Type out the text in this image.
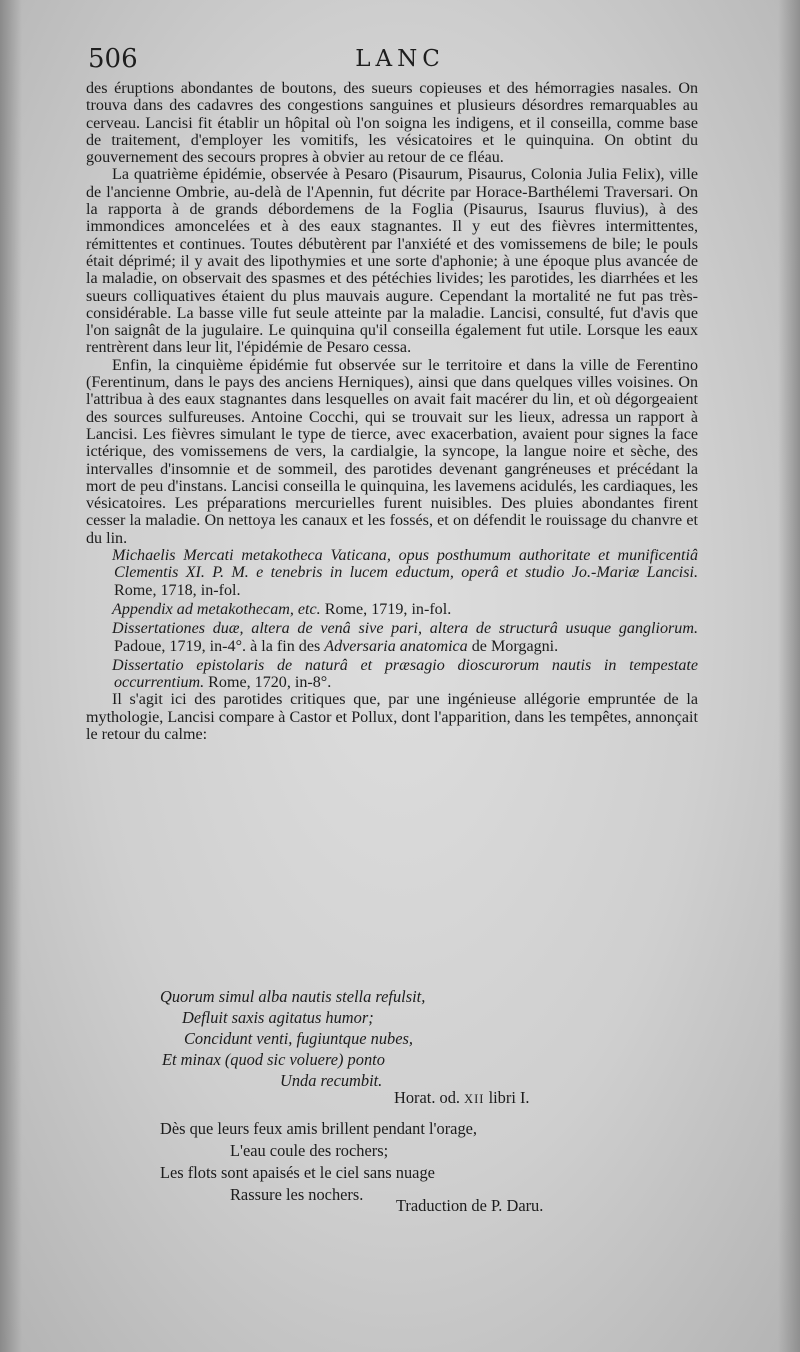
506	LANC

des éruptions abondantes de boutons, des sueurs copieuses et des hémorragies nasales. On trouva dans des cadavres des congestions sanguines et plusieurs désordres remarquables au cerveau. Lancisi fit établir un hôpital où l'on soigna les indigens, et il conseilla, comme base de traitement, d'employer les vomitifs, les vésicatoires et le quinquina. On obtint du gouvernement des secours propres à obvier au retour de ce fléau.

La quatrième épidémie, observée à Pesaro (Pisaurum, Pisaurus, Colonia Julia Felix), ville de l'ancienne Ombrie, au-delà de l'Apennin, fut décrite par Horace-Barthélemi Traversari. On la rapporta à de grands débordemens de la Foglia (Pisaurus, Isaurus fluvius), à des immondices amoncelées et à des eaux stagnantes. Il y eut des fièvres intermittentes, rémittentes et continues. Toutes débutèrent par l'anxiété et des vomissemens de bile; le pouls était déprimé; il y avait des lipothymies et une sorte d'aphonie; à une époque plus avancée de la maladie, on observait des spasmes et des pétéchies livides; les parotides, les diarrhées et les sueurs colliquatives étaient du plus mauvais augure. Cependant la mortalité ne fut pas très-considérable. La basse ville fut seule atteinte par la maladie. Lancisi, consulté, fut d'avis que l'on saignât de la jugulaire. Le quinquina qu'il conseilla également fut utile. Lorsque les eaux rentrèrent dans leur lit, l'épidémie de Pesaro cessa.

Enfin, la cinquième épidémie fut observée sur le territoire et dans la ville de Ferentino (Ferentinum, dans le pays des anciens Herniques), ainsi que dans quelques villes voisines. On l'attribua à des eaux stagnantes dans lesquelles on avait fait macérer du lin, et où dégorgeaient des sources sulfureuses. Antoine Cocchi, qui se trouvait sur les lieux, adressa un rapport à Lancisi. Les fièvres simulant le type de tierce, avec exacerbation, avaient pour signes la face ictérique, des vomissemens de vers, la cardialgie, la syncope, la langue noire et sèche, des intervalles d'insomnie et de sommeil, des parotides devenant gangréneuses et précédant la mort de peu d'instans. Lancisi conseilla le quinquina, les lavemens acidulés, les cardiaques, les vésicatoires. Les préparations mercurielles furent nuisibles. Des pluies abondantes firent cesser la maladie. On nettoya les canaux et les fossés, et on défendit le rouissage du chanvre et du lin.

Michaelis Mercati metakotheca Vaticana, opus posthumum authoritate et munificentiâ Clementis XI. P. M. e tenebris in lucem eductum, operâ et studio Jo.-Mariæ Lancisi. Rome, 1718, in-fol.

Appendix ad metakothecam, etc. Rome, 1719, in-fol.

Dissertationes duæ, altera de venâ sive pari, altera de structurâ usuque gangliorum. Padoue, 1719, in-4°. à la fin des Adversaria anatomica de Morgagni.

Dissertatio epistolaris de naturâ et præsagio dioscurorum nautis in tempestate occurrentium. Rome, 1720, in-8°.

Il s'agit ici des parotides critiques que, par une ingénieuse allégorie empruntée de la mythologie, Lancisi compare à Castor et Pollux, dont l'apparition, dans les tempêtes, annonçait le retour du calme:

Quorum simul alba nautis stella refulsit,
Defluit saxis agitatus humor;
Concidunt venti, fugiuntque nubes,
Et minax (quod sic voluere) ponto
Unda recumbit.
Horat. od. XII libri I.
Dès que leurs feux amis brillent pendant l'orage,
L'eau coule des rochers;
Les flots sont apaisés et le ciel sans nuage
Rassure les nochers.
Traduction de P. Daru.
